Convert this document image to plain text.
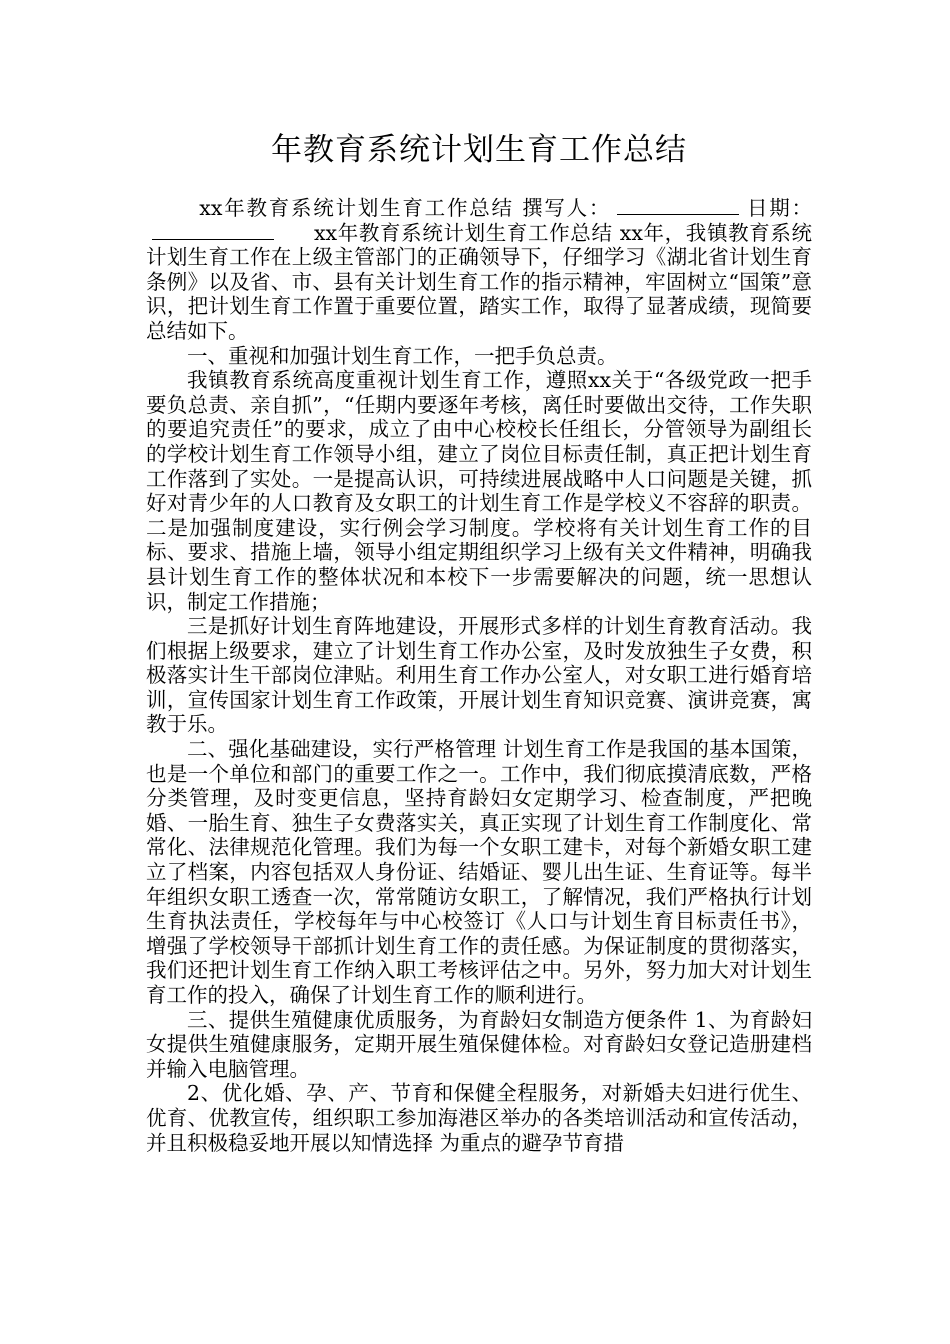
年教育系统计划生育工作总结

xx年教育系统计划生育工作总结 撰写人：	日期：xx年教育系统计划生育工作总结 xx年，我镇教育系统计划生育工作在上级主管部门的正确领导下，仔细学习《湖北省计划生育条例》以及省、市、县有关计划生育工作的指示精神，牢固树立“国策”意识，把计划生育工作置于重要位置，踏实工作，取得了显著成绩，现简要总结如下。

一、重视和加强计划生育工作，一把手负总责。

我镇教育系统高度重视计划生育工作，遵照xx关于“各级党政一把手要负总责、亲自抓”，“任期内要逐年考核，离任时要做出交待，工作失职的要追究责任”的要求，成立了由中心校校长任组长，分管领导为副组长的学校计划生育工作领导小组，建立了岗位目标责任制，真正把计划生育工作落到了实处。一是提高认识，可持续进展战略中人口问题是关键，抓好对青少年的人口教育及女职工的计划生育工作是学校义不容辞的职责。二是加强制度建设，实行例会学习制度。学校将有关计划生育工作的目标、要求、措施上墙，领导小组定期组织学习上级有关文件精神，明确我县计划生育工作的整体状况和本校下一步需要解决的问题，统一思想认识，制定工作措施；

三是抓好计划生育阵地建设，开展形式多样的计划生育教育活动。我们根据上级要求，建立了计划生育工作办公室，及时发放独生子女费，积极落实计生干部岗位津贴。利用生育工作办公室人，对女职工进行婚育培训，宣传国家计划生育工作政策，开展计划生育知识竞赛、演讲竞赛，寓教于乐。

二、强化基础建设，实行严格管理 计划生育工作是我国的基本国策，也是一个单位和部门的重要工作之一。工作中，我们彻底摸清底数，严格分类管理，及时变更信息，坚持育龄妇女定期学习、检查制度，严把晚婚、一胎生育、独生子女费落实关，真正实现了计划生育工作制度化、常常化、法律规范化管理。我们为每一个女职工建卡，对每个新婚女职工建立了档案，内容包括双人身份证、结婚证、婴儿出生证、生育证等。每半年组织女职工透查一次，常常随访女职工，了解情况，我们严格执行计划生育执法责任，学校每年与中心校签订《人口与计划生育目标责任书》，增强了学校领导干部抓计划生育工作的责任感。为保证制度的贯彻落实，我们还把计划生育工作纳入职工考核评估之中。另外，努力加大对计划生育工作的投入，确保了计划生育工作的顺利进行。

三、提供生殖健康优质服务，为育龄妇女制造方便条件 1、为育龄妇女提供生殖健康服务，定期开展生殖保健体检。对育龄妇女登记造册建档并输入电脑管理。

2、优化婚、孕、产、节育和保健全程服务，对新婚夫妇进行优生、优育、优教宣传，组织职工参加海港区举办的各类培训活动和宣传活动，并且积极稳妥地开展以知情选择 为重点的避孕节育措
